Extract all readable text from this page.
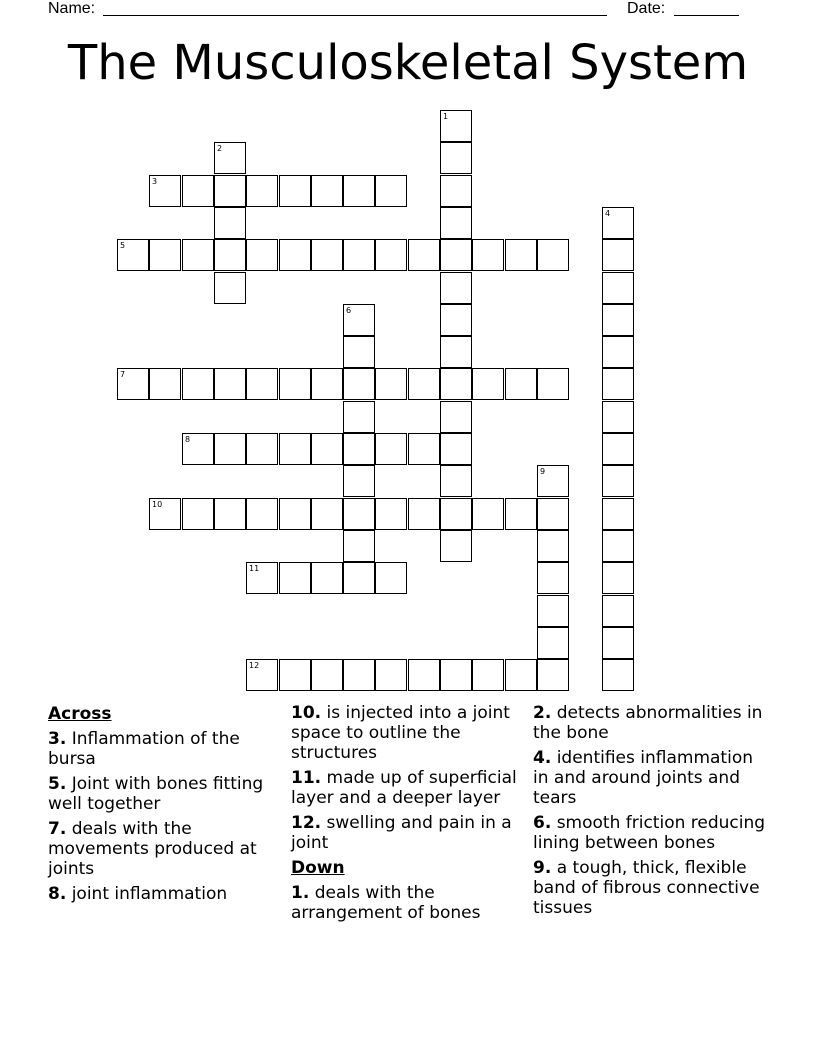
Name:	Date:
The Musculoskeletal System
1
2
3
4
5
6
7
8
9
10
11
12
Across
3. Inflammation of the bursa
5. Joint with bones fitting well together
7. deals with the movements produced at joints
8. joint inflammation
10. is injected into a joint space to outline the structures
11. made up of superficial layer and a deeper layer
12. swelling and pain in a joint
Down
1. deals with the arrangement of bones
2. detects abnormalities in the bone
4. identifies inflammation in and around joints and tears
6. smooth friction reducing lining between bones
9. a tough, thick, flexible band of fibrous connective tissues
